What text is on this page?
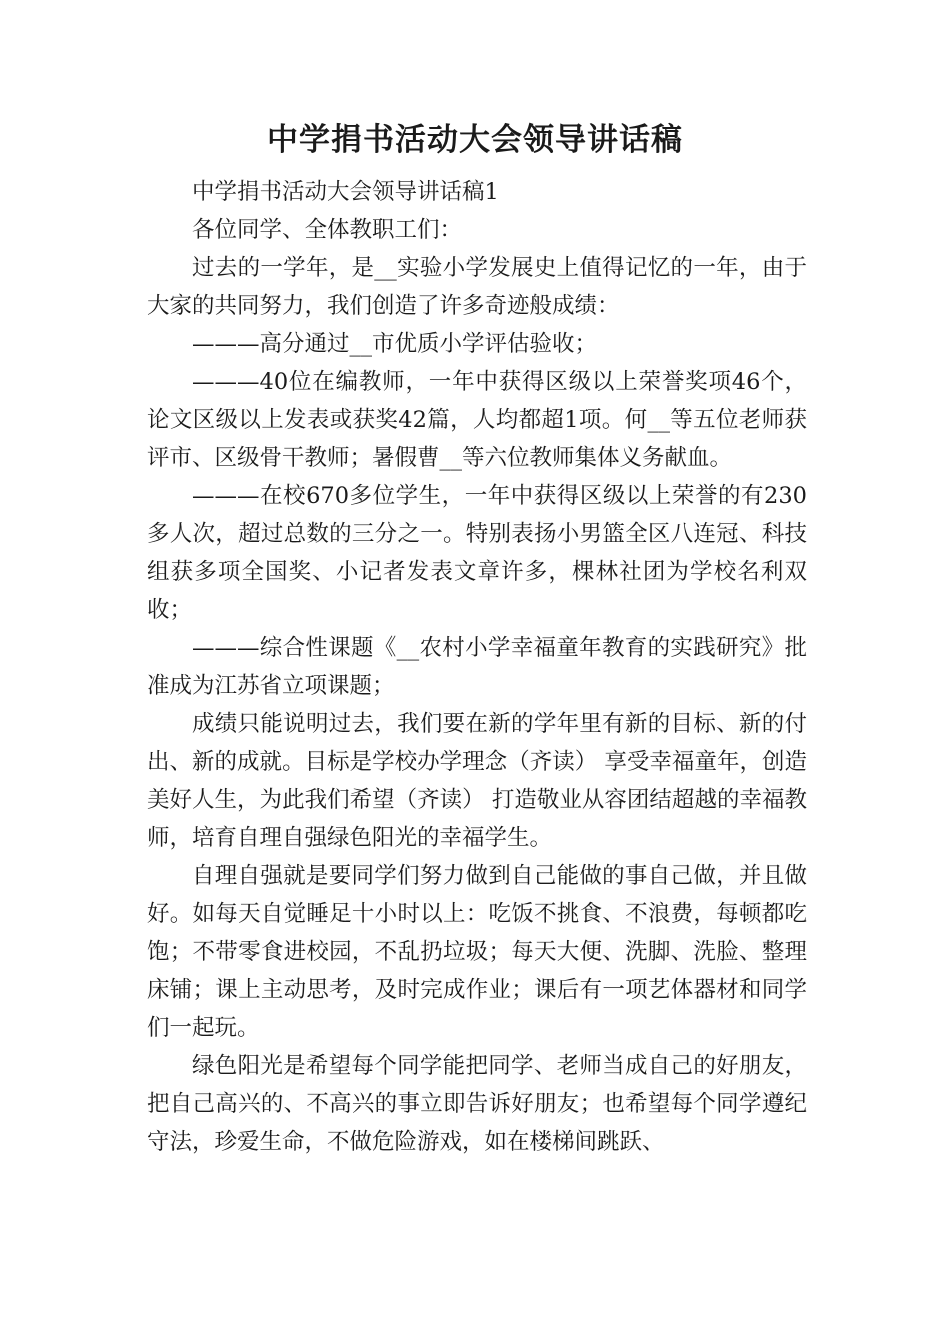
中学捐书活动大会领导讲话稿

中学捐书活动大会领导讲话稿1

各位同学、全体教职工们：

过去的一学年，是__实验小学发展史上值得记忆的一年，由于大家的共同努力，我们创造了许多奇迹般成绩：

———高分通过__市优质小学评估验收；

———40位在编教师，一年中获得区级以上荣誉奖项46个，论文区级以上发表或获奖42篇，人均都超1项。何__等五位老师获评市、区级骨干教师；暑假曹__等六位教师集体义务献血。

———在校670多位学生，一年中获得区级以上荣誉的有230多人次，超过总数的三分之一。特别表扬小男篮全区八连冠、科技组获多项全国奖、小记者发表文章许多，棵林社团为学校名利双收；

———综合性课题《__农村小学幸福童年教育的实践研究》批准成为江苏省立项课题；

成绩只能说明过去，我们要在新的学年里有新的目标、新的付出、新的成就。目标是学校办学理念（齐读） 享受幸福童年，创造美好人生，为此我们希望（齐读） 打造敬业从容团结超越的幸福教师，培育自理自强绿色阳光的幸福学生。

自理自强就是要同学们努力做到自己能做的事自己做，并且做好。如每天自觉睡足十小时以上：吃饭不挑食、不浪费，每顿都吃饱；不带零食进校园，不乱扔垃圾；每天大便、洗脚、洗脸、整理床铺；课上主动思考，及时完成作业；课后有一项艺体器材和同学们一起玩。

绿色阳光是希望每个同学能把同学、老师当成自己的好朋友，把自己高兴的、不高兴的事立即告诉好朋友；也希望每个同学遵纪守法，珍爱生命，不做危险游戏，如在楼梯间跳跃、
